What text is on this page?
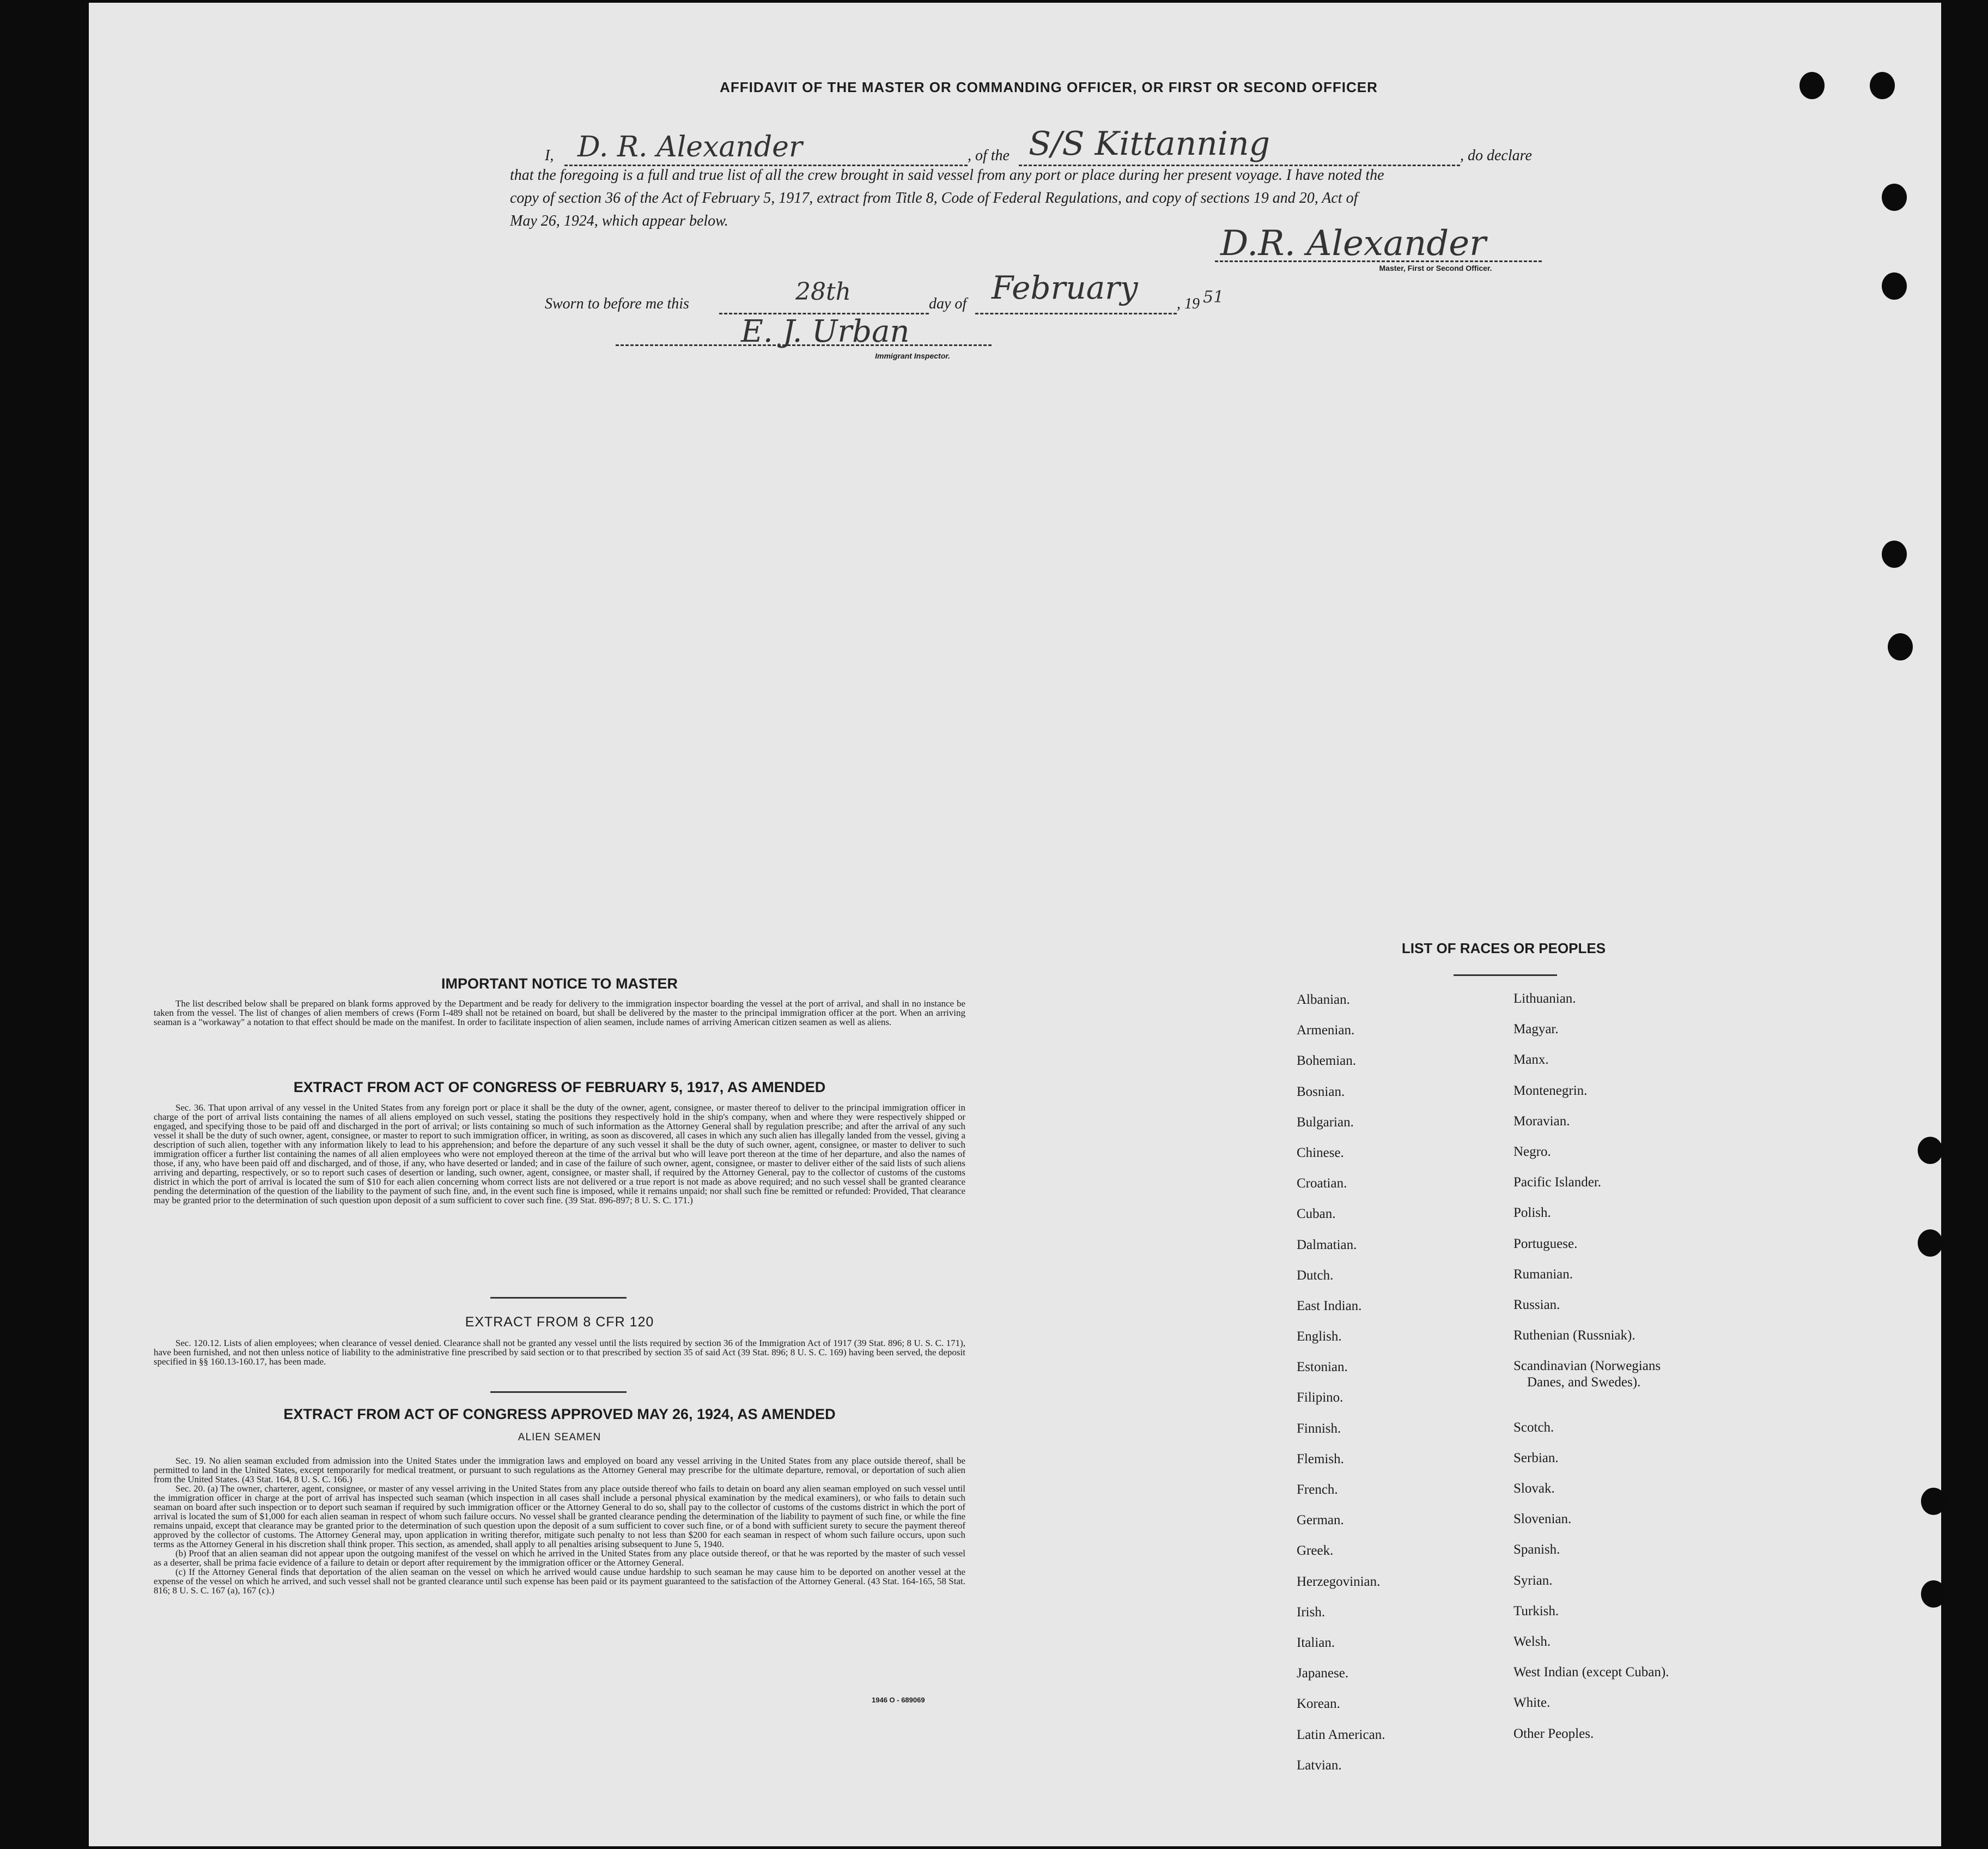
AFFIDAVIT OF THE MASTER OR COMMANDING OFFICER, OR FIRST OR SECOND OFFICER
I, D. R. Alexander	, of the S/S Kittanning	, do declare
that the foregoing is a full and true list of all the crew brought in said vessel from any port or place during her present voyage. I have noted the
copy of section 36 of the Act of February 5, 1917, extract from Title 8, Code of Federal Regulations, and copy of sections 19 and 20, Act of
May 26, 1924, which appear below.
D.R. Alexander
Master, First or Second Officer.
Sworn to before me this	28th	day of February	, 19 51
E. J. Urban
Immigrant Inspector.
IMPORTANT NOTICE TO MASTER
The list described below shall be prepared on blank forms approved by the Department and be ready for delivery to the immigration inspector boarding the vessel at the port of arrival, and shall in no instance be taken from the vessel. The list of changes of alien members of crews (Form I-489 shall not be retained on board, but shall be delivered by the master to the principal immigration officer at the port. When an arriving seaman is a "workaway" a notation to that effect should be made on the manifest. In order to facilitate inspection of alien seamen, include names of arriving American citizen seamen as well as aliens.
EXTRACT FROM ACT OF CONGRESS OF FEBRUARY 5, 1917, AS AMENDED
Sec. 36. That upon arrival of any vessel in the United States from any foreign port or place it shall be the duty of the owner, agent, consignee, or master thereof to deliver to the principal immigration officer in charge of the port of arrival lists containing the names of all aliens employed on such vessel, stating the positions they respectively hold in the ship's company, when and where they were respectively shipped or engaged, and specifying those to be paid off and discharged in the port of arrival; or lists containing so much of such information as the Attorney General shall by regulation prescribe; and after the arrival of any such vessel it shall be the duty of such owner, agent, consignee, or master to report to such immigration officer, in writing, as soon as discovered, all cases in which any such alien has illegally landed from the vessel, giving a description of such alien, together with any information likely to lead to his apprehension; and before the departure of any such vessel it shall be the duty of such owner, agent, consignee, or master to deliver to such immigration officer a further list containing the names of all alien employees who were not employed thereon at the time of the arrival but who will leave port thereon at the time of her departure, and also the names of those, if any, who have been paid off and discharged, and of those, if any, who have deserted or landed; and in case of the failure of such owner, agent, consignee, or master to deliver either of the said lists of such aliens arriving and departing, respectively, or so to report such cases of desertion or landing, such owner, agent, consignee, or master shall, if required by the Attorney General, pay to the collector of customs of the customs district in which the port of arrival is located the sum of $10 for each alien concerning whom correct lists are not delivered or a true report is not made as above required; and no such vessel shall be granted clearance pending the determination of the question of the liability to the payment of such fine, and, in the event such fine is imposed, while it remains unpaid; nor shall such fine be remitted or refunded: Provided, That clearance may be granted prior to the determination of such question upon deposit of a sum sufficient to cover such fine. (39 Stat. 896-897; 8 U. S. C. 171.)
EXTRACT FROM 8 CFR 120
Sec. 120.12. Lists of alien employees; when clearance of vessel denied. Clearance shall not be granted any vessel until the lists required by section 36 of the Immigration Act of 1917 (39 Stat. 896; 8 U. S. C. 171), have been furnished, and not then unless notice of liability to the administrative fine prescribed by said section or to that prescribed by section 35 of said Act (39 Stat. 896; 8 U. S. C. 169) having been served, the deposit specified in §§ 160.13-160.17, has been made.
EXTRACT FROM ACT OF CONGRESS APPROVED MAY 26, 1924, AS AMENDED
ALIEN SEAMEN
Sec. 19. No alien seaman excluded from admission into the United States under the immigration laws and employed on board any vessel arriving in the United States from any place outside thereof, shall be permitted to land in the United States, except temporarily for medical treatment, or pursuant to such regulations as the Attorney General may prescribe for the ultimate departure, removal, or deportation of such alien from the United States. (43 Stat. 164, 8 U. S. C. 166.)
Sec. 20. (a) The owner, charterer, agent, consignee, or master of any vessel arriving in the United States from any place outside thereof who fails to detain on board any alien seaman employed on such vessel until the immigration officer in charge at the port of arrival has inspected such seaman (which inspection in all cases shall include a personal physical examination by the medical examiners), or who fails to detain such seaman on board after such inspection or to deport such seaman if required by such immigration officer or the Attorney General to do so, shall pay to the collector of customs of the customs district in which the port of arrival is located the sum of $1,000 for each alien seaman in respect of whom such failure occurs. No vessel shall be granted clearance pending the determination of the liability to payment of such fine, or while the fine remains unpaid, except that clearance may be granted prior to the determination of such question upon the deposit of a sum sufficient to cover such fine, or of a bond with sufficient surety to secure the payment thereof approved by the collector of customs. The Attorney General may, upon application in writing therefor, mitigate such penalty to not less than $200 for each seaman in respect of whom such failure occurs, upon such terms as the Attorney General in his discretion shall think proper. This section, as amended, shall apply to all penalties arising subsequent to June 5, 1940.
(b) Proof that an alien seaman did not appear upon the outgoing manifest of the vessel on which he arrived in the United States from any place outside thereof, or that he was reported by the master of such vessel as a deserter, shall be prima facie evidence of a failure to detain or deport after requirement by the immigration officer or the Attorney General.
(c) If the Attorney General finds that deportation of the alien seaman on the vessel on which he arrived would cause undue hardship to such seaman he may cause him to be deported on another vessel at the expense of the vessel on which he arrived, and such vessel shall not be granted clearance until such expense has been paid or its payment guaranteed to the satisfaction of the Attorney General. (43 Stat. 164-165, 58 Stat. 816; 8 U. S. C. 167 (a), 167 (c).)
1946 O - 689069
LIST OF RACES OR PEOPLES
Albanian.
Armenian.
Bohemian.
Bosnian.
Bulgarian.
Chinese.
Croatian.
Cuban.
Dalmatian.
Dutch.
East Indian.
English.
Estonian.
Filipino.
Finnish.
Flemish.
French.
German.
Greek.
Herzegovinian.
Irish.
Italian.
Japanese.
Korean.
Latin American.
Latvian.
Lithuanian.
Magyar.
Manx.
Montenegrin.
Moravian.
Negro.
Pacific Islander.
Polish.
Portuguese.
Rumanian.
Russian.
Ruthenian (Russniak).
Scandinavian (Norwegians
Danes, and Swedes).
Scotch.
Serbian.
Slovak.
Slovenian.
Spanish.
Syrian.
Turkish.
Welsh.
West Indian (except Cuban).
White.
Other Peoples.
